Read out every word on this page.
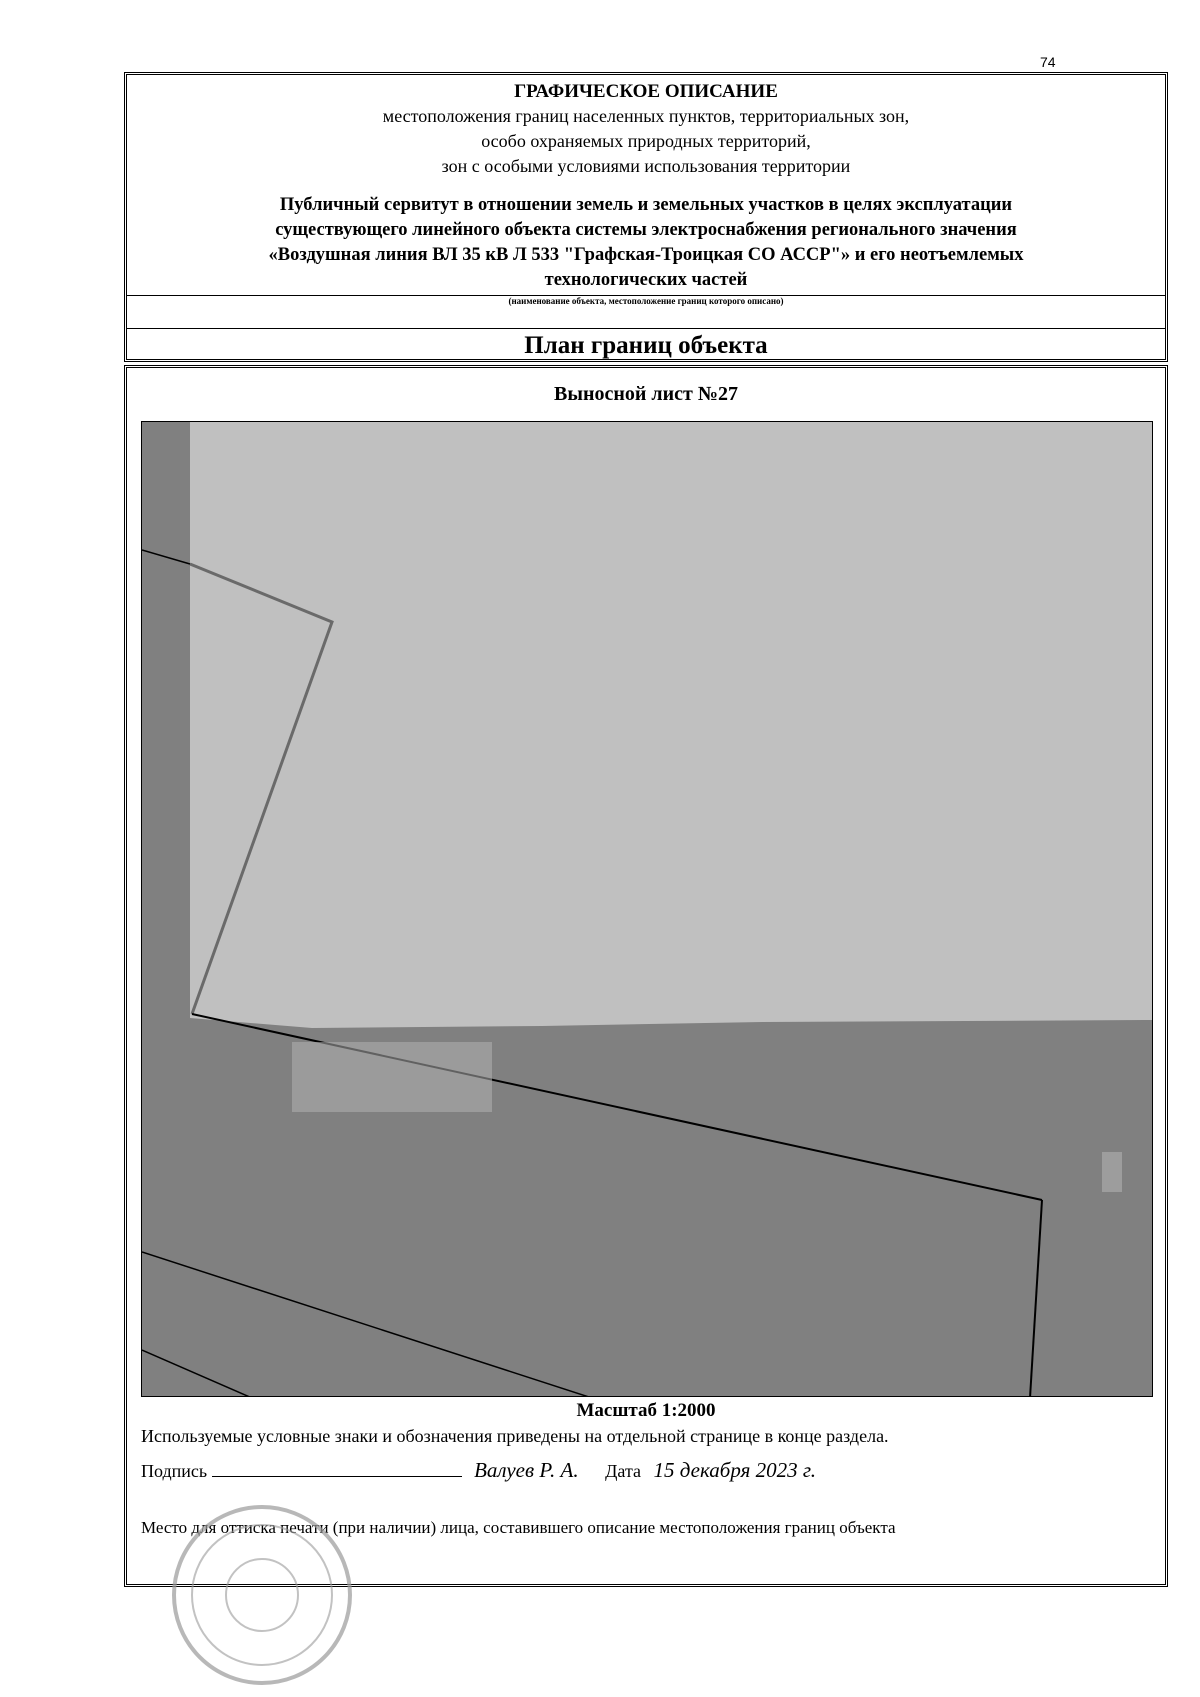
74
ГРАФИЧЕСКОЕ ОПИСАНИЕ
местоположения границ населенных пунктов, территориальных зон,
особо охраняемых природных территорий,
зон с особыми условиями использования территории
Публичный сервитут в отношении земель и земельных участков в целях эксплуатации
существующего линейного объекта системы электроснабжения регионального значения
«Воздушная линия ВЛ 35 кВ Л 533 "Графская-Троицкая СО АССР"» и его неотъемлемых
технологических частей
(наименование объекта, местоположение границ которого описано)
План границ объекта
Выносной лист №27
Масштаб 1:2000
Используемые условные знаки и обозначения приведены на отдельной странице в конце раздела.
Подпись	Валуев Р. А. Дата 15 декабря 2023 г.
Место для оттиска печати (при наличии) лица, составившего описание местоположения границ объекта
